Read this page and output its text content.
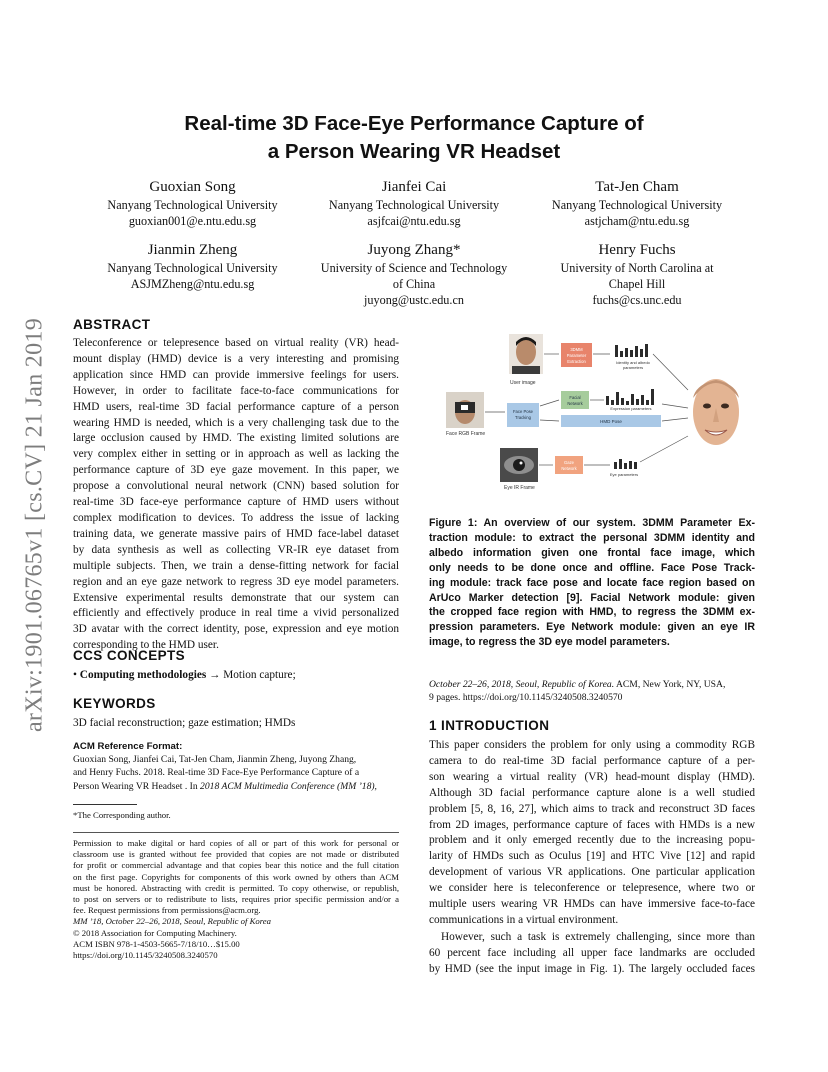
arXiv:1901.06765v1 [cs.CV] 21 Jan 2019
Real-time 3D Face-Eye Performance Capture of
a Person Wearing VR Headset
Guoxian Song
Nanyang Technological University
guoxian001@e.ntu.edu.sg
Jianfei Cai
Nanyang Technological University
asjfcai@ntu.edu.sg
Tat-Jen Cham
Nanyang Technological University
astjcham@ntu.edu.sg
Jianmin Zheng
Nanyang Technological University
ASJMZheng@ntu.edu.sg
Juyong Zhang*
University of Science and Technology
of China
juyong@ustc.edu.cn
Henry Fuchs
University of North Carolina at
Chapel Hill
fuchs@cs.unc.edu
ABSTRACT
Teleconference or telepresence based on virtual reality (VR) head-
mount display (HMD) device is a very interesting and promising
application since HMD can provide immersive feelings for users.
However, in order to facilitate face-to-face communications for
HMD users, real-time 3D facial performance capture of a person
wearing HMD is needed, which is a very challenging task due to the
large occlusion caused by HMD. The existing limited solutions are
very complex either in setting or in approach as well as lacking the
performance capture of 3D eye gaze movement. In this paper, we
propose a convolutional neural network (CNN) based solution for
real-time 3D face-eye performance capture of HMD users without
complex modification to devices. To address the issue of lacking
training data, we generate massive pairs of HMD face-label dataset
by data synthesis as well as collecting VR-IR eye dataset from
multiple subjects. Then, we train a dense-fitting network for facial
region and an eye gaze network to regress 3D eye model parameters.
Extensive experimental results demonstrate that our system can
efficiently and effectively produce in real time a vivid personalized
3D avatar with the correct identity, pose, expression and eye motion
corresponding to the HMD user.
CCS CONCEPTS
• Computing methodologies → Motion capture;
KEYWORDS
3D facial reconstruction; gaze estimation; HMDs
ACM Reference Format:
Guoxian Song, Jianfei Cai, Tat-Jen Cham, Jianmin Zheng, Juyong Zhang,
and Henry Fuchs. 2018. Real-time 3D Face-Eye Performance Capture of a
Person Wearing VR Headset . In 2018 ACM Multimedia Conference (MM ’18),
*The Corresponding author.
Permission to make digital or hard copies of all or part of this work for personal or
classroom use is granted without fee provided that copies are not made or distributed
for profit or commercial advantage and that copies bear this notice and the full citation
on the first page. Copyrights for components of this work owned by others than ACM
must be honored. Abstracting with credit is permitted. To copy otherwise, or republish,
to post on servers or to redistribute to lists, requires prior specific permission and/or a
fee. Request permissions from permissions@acm.org.
MM ’18, October 22–26, 2018, Seoul, Republic of Korea
© 2018 Association for Computing Machinery.
ACM ISBN 978-1-4503-5665-7/18/10…$15.00
https://doi.org/10.1145/3240508.3240570
User image
Face RGB Frame
Eye IR Frame
3DMM
Parameter
Extraction	Identity and albedo
parameters
Facial
Network
Expression parameters
Face Pose
Tracking
HMD Pose
Gaze
Network
Eye parameters
Figure 1: An overview of our system. 3DMM Parameter Ex-
traction module: to extract the personal 3DMM identity and
albedo information given one frontal face image, which
only needs to be done once and offline. Face Pose Track-
ing module: track face pose and locate face region based on
ArUco Marker detection [9]. Facial Network module: given
the cropped face region with HMD, to regress the 3DMM ex-
pression parameters. Eye Network module: given an eye IR
image, to regress the 3D eye model parameters.
October 22–26, 2018, Seoul, Republic of Korea. ACM, New York, NY, USA,
9 pages. https://doi.org/10.1145/3240508.3240570
1 INTRODUCTION
This paper considers the problem for only using a commodity RGB
camera to do real-time 3D facial performance capture of a per-
son wearing a virtual reality (VR) head-mount display (HMD).
Although 3D facial performance capture alone is a well studied
problem [5, 8, 16, 27], which aims to track and reconstruct 3D faces
from 2D images, performance capture of faces with HMDs is a new
problem and it only emerged recently due to the increasing popu-
larity of HMDs such as Oculus [19] and HTC Vive [12] and rapid
development of various VR applications. One particular application
we consider here is teleconference or telepresence, where two or
multiple users wearing VR HMDs can have immersive face-to-face
communications in a virtual environment.
However, such a task is extremely challenging, since more than
60 percent face including all upper face landmarks are occluded
by HMD (see the input image in Fig. 1). The largely occluded faces
